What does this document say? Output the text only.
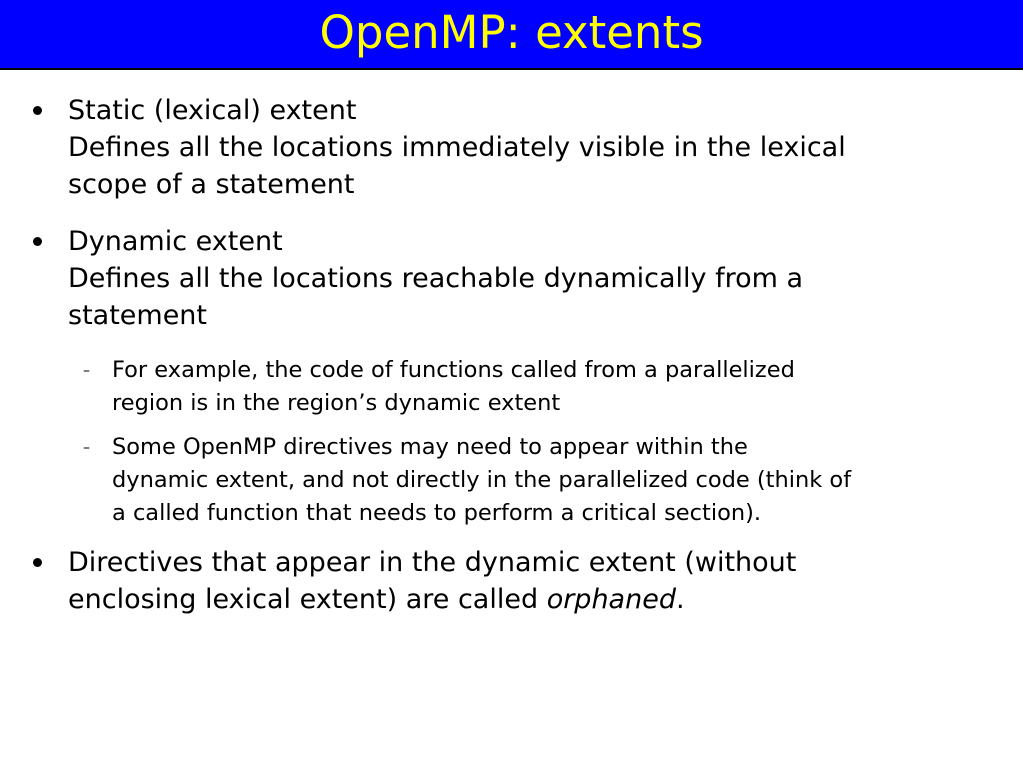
OpenMP: extents
Static (lexical) extent
Defines all the locations immediately visible in the lexical
scope of a statement
Dynamic extent
Defines all the locations reachable dynamically from a
statement
– For example, the code of functions called from a parallelized
region is in the region’s dynamic extent
– Some OpenMP directives may need to appear within the
dynamic extent, and not directly in the parallelized code (think of
a called function that needs to perform a critical section).
Directives that appear in the dynamic extent (without
enclosing lexical extent) are called orphaned.
